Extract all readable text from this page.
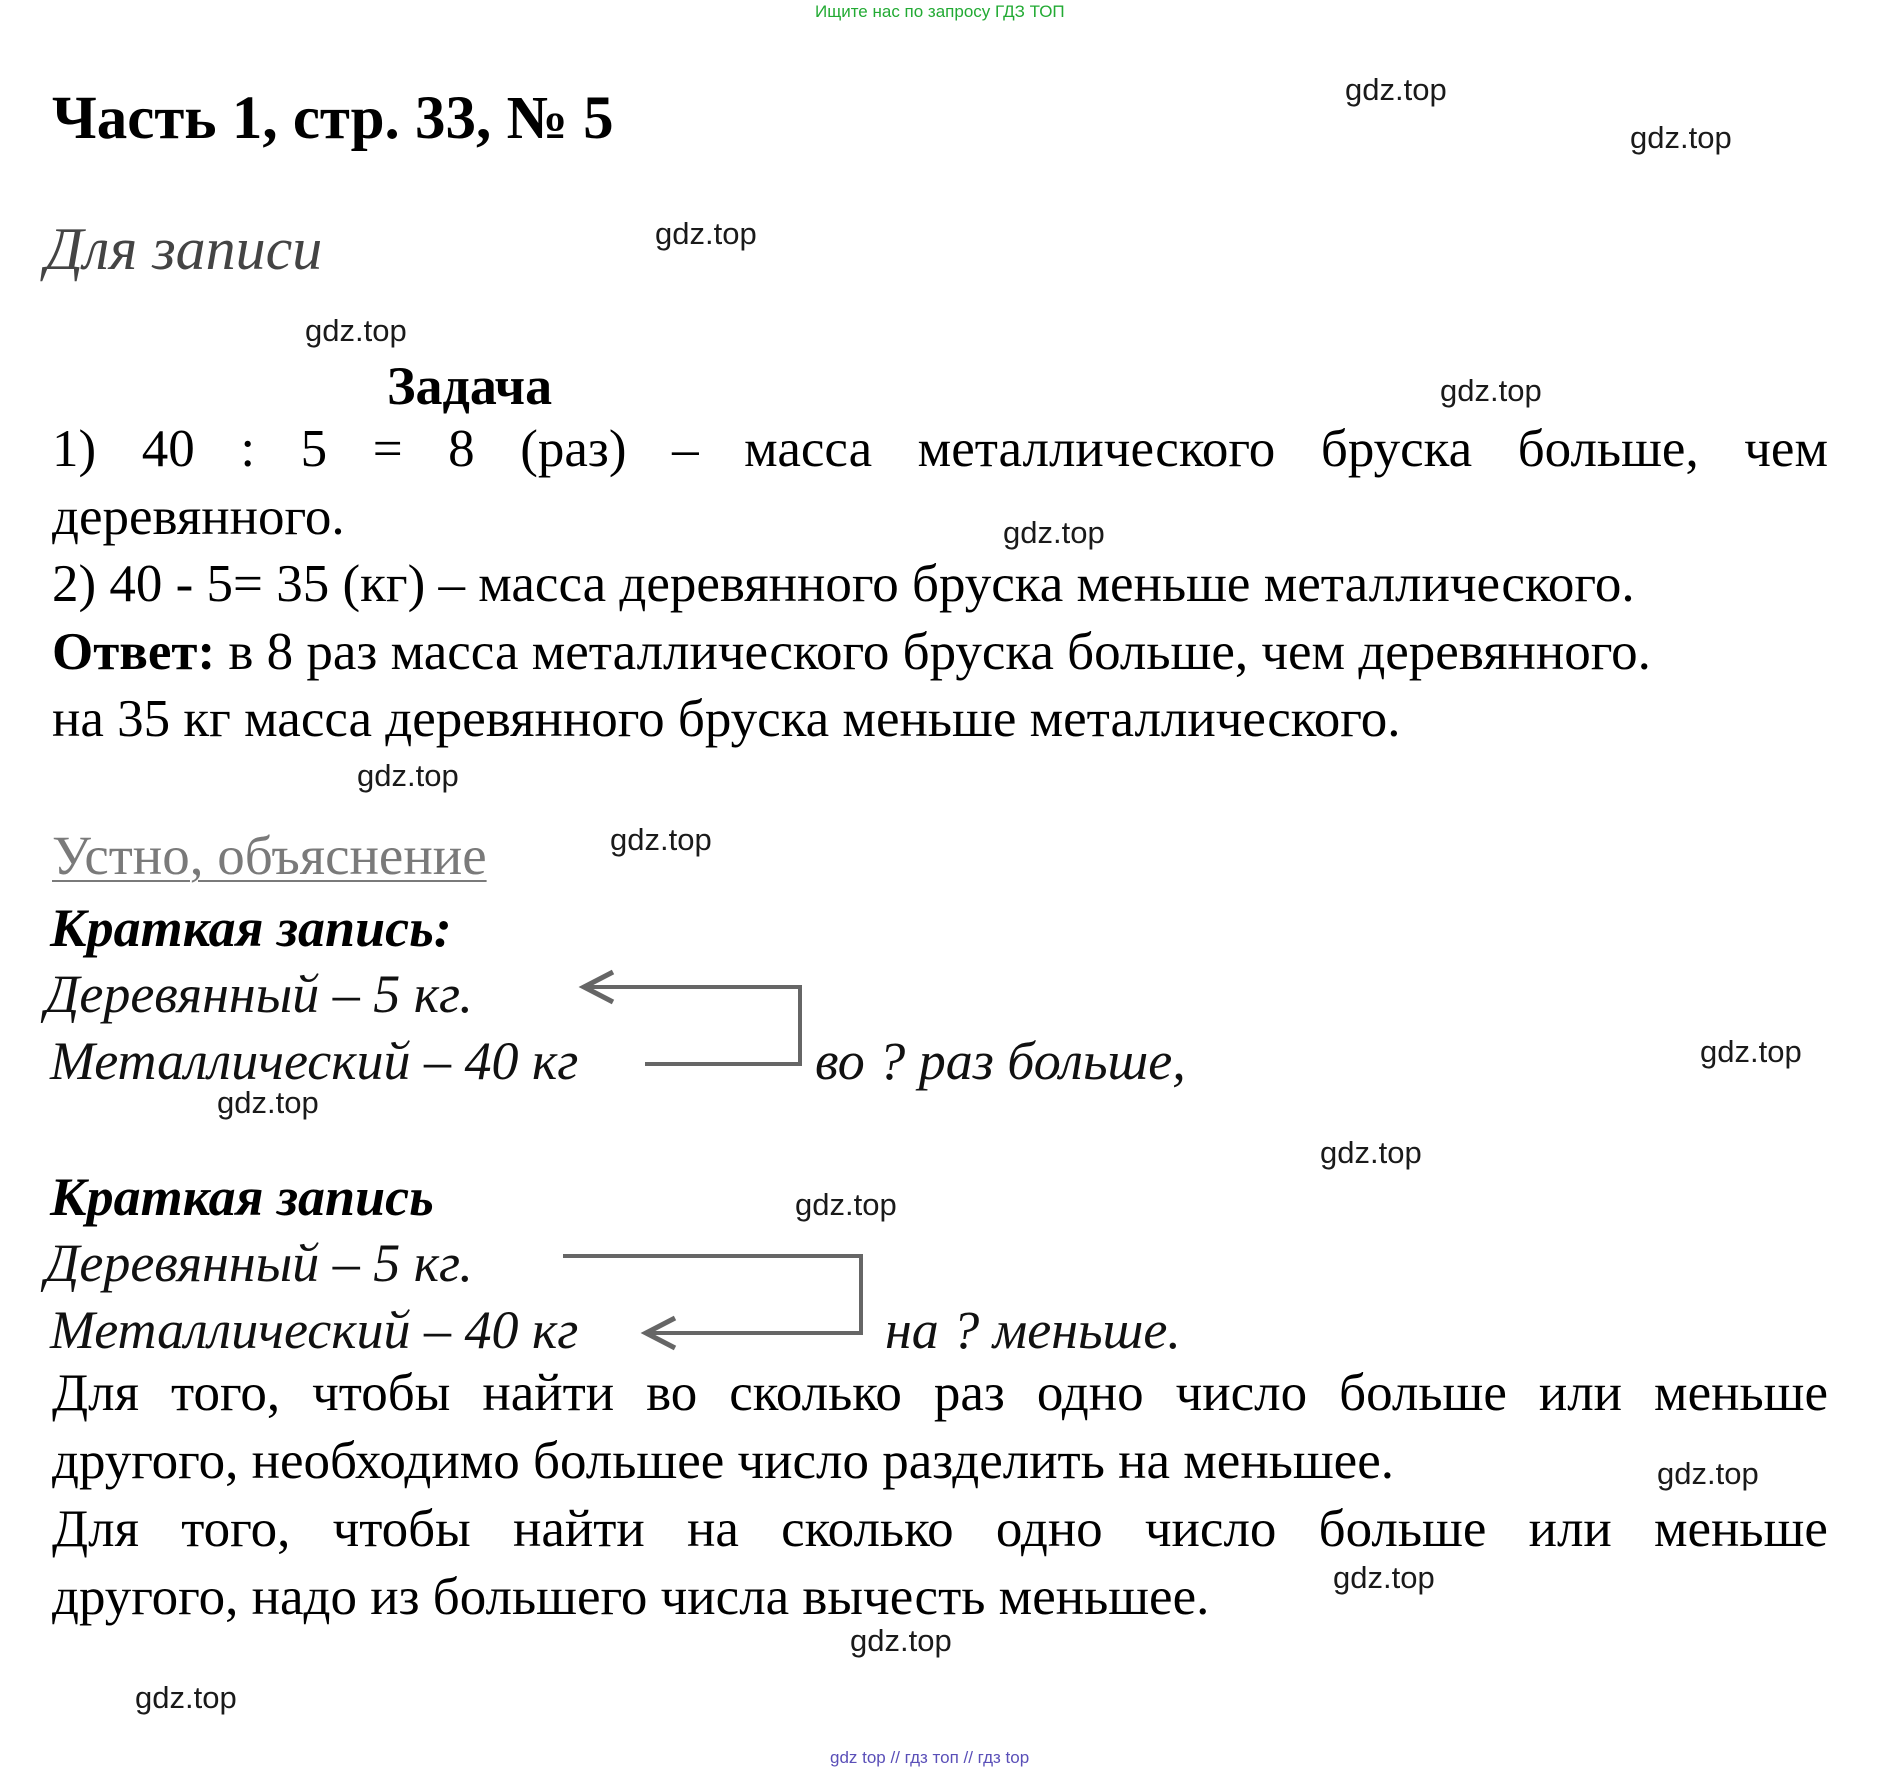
Ищите нас по запросу ГДЗ ТОП
gdz top // гдз топ // гдз top
gdz.top
gdz.top
gdz.top
gdz.top
gdz.top
gdz.top
gdz.top
gdz.top
gdz.top
gdz.top
gdz.top
gdz.top
gdz.top
gdz.top
gdz.top
gdz.top
Часть 1, стр. 33, № 5
Для записи
Задача
1) 40 : 5 = 8 (раз) – масса металлического бруска больше, чем
деревянного.
2) 40 - 5= 35 (кг) – масса деревянного бруска меньше металлического.
Ответ: в 8 раз масса металлического бруска больше, чем деревянного.
на 35 кг масса деревянного бруска меньше металлического.
Устно, объяснение
Краткая запись:
Деревянный – 5 кг.
Металлический – 40 кг	во ? раз больше,
Краткая запись
Деревянный – 5 кг.
Металлический – 40 кг	на ? меньше.
Для того, чтобы найти во сколько раз одно число больше или меньше
другого, необходимо большее число разделить на меньшее.
Для того, чтобы найти на сколько одно число больше или меньше
другого, надо из большего числа вычесть меньшее.
